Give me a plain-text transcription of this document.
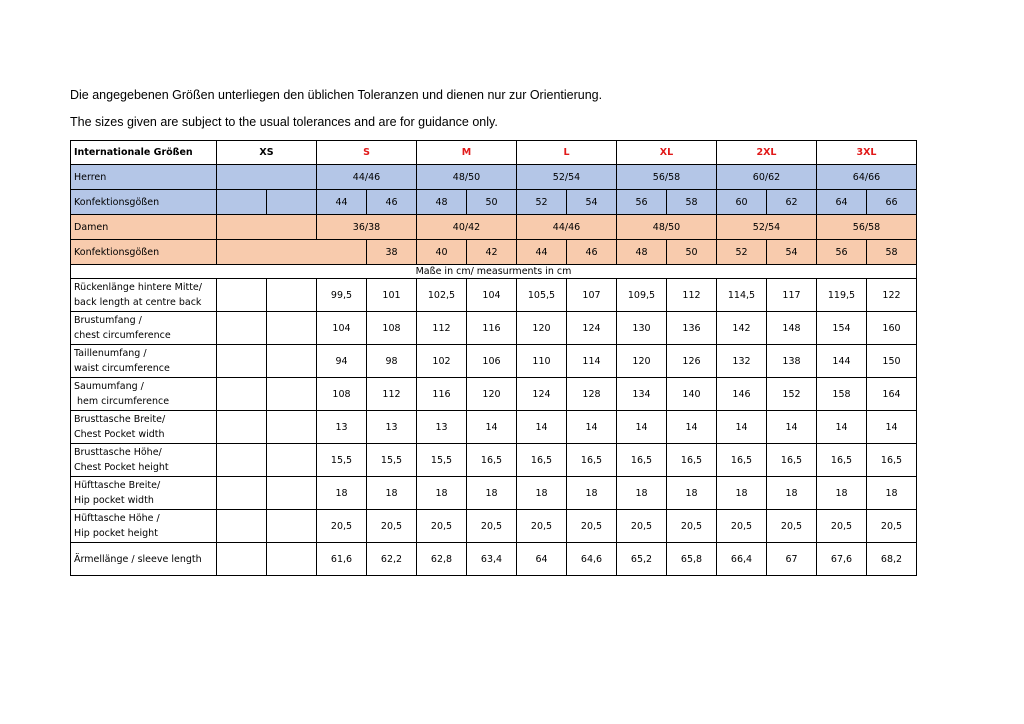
Die angegebenen Größen unterliegen den üblichen Toleranzen und dienen nur zur Orientierung.
The sizes given are subject to the usual tolerances and are for guidance only.
Internationale Größen	XS		S		M		L		XL		2XL		3XL	
Herren			44/46		48/50		52/54		56/58		60/62		64/66	
Konfektionsgößen			44	46	48	50	52	54	56	58	60	62	64	66
Damen			36/38		40/42		44/46		48/50		52/54		56/58	
Konfektionsgößen				38	40	42	44	46	48	50	52	54	56	58
Maße in cm/ measurments in cm														

Rückenlänge hintere Mitte/
back length at centre back			99,5	101	102,5	104	105,5	107	109,5	112	114,5	117	119,5	122

Brustumfang /
chest circumference			104	108	112	116	120	124	130	136	142	148	154	160

Taillenumfang /
waist circumference			94	98	102	106	110	114	120	126	132	138	144	150

Saumumfang /
hem circumference			108	112	116	120	124	128	134	140	146	152	158	164

Brusttasche Breite/
Chest Pocket width			13	13	13	14	14	14	14	14	14	14	14	14

Brusttasche Höhe/
Chest Pocket height			15,5	15,5	15,5	16,5	16,5	16,5	16,5	16,5	16,5	16,5	16,5	16,5

Hüfttasche Breite/
Hip pocket width			18	18	18	18	18	18	18	18	18	18	18	18

Hüfttasche Höhe /
Hip pocket height			20,5	20,5	20,5	20,5	20,5	20,5	20,5	20,5	20,5	20,5	20,5	20,5

Ärmellänge / sleeve length			61,6	62,2	62,8	63,4	64	64,6	65,2	65,8	66,4	67	67,6	68,2
